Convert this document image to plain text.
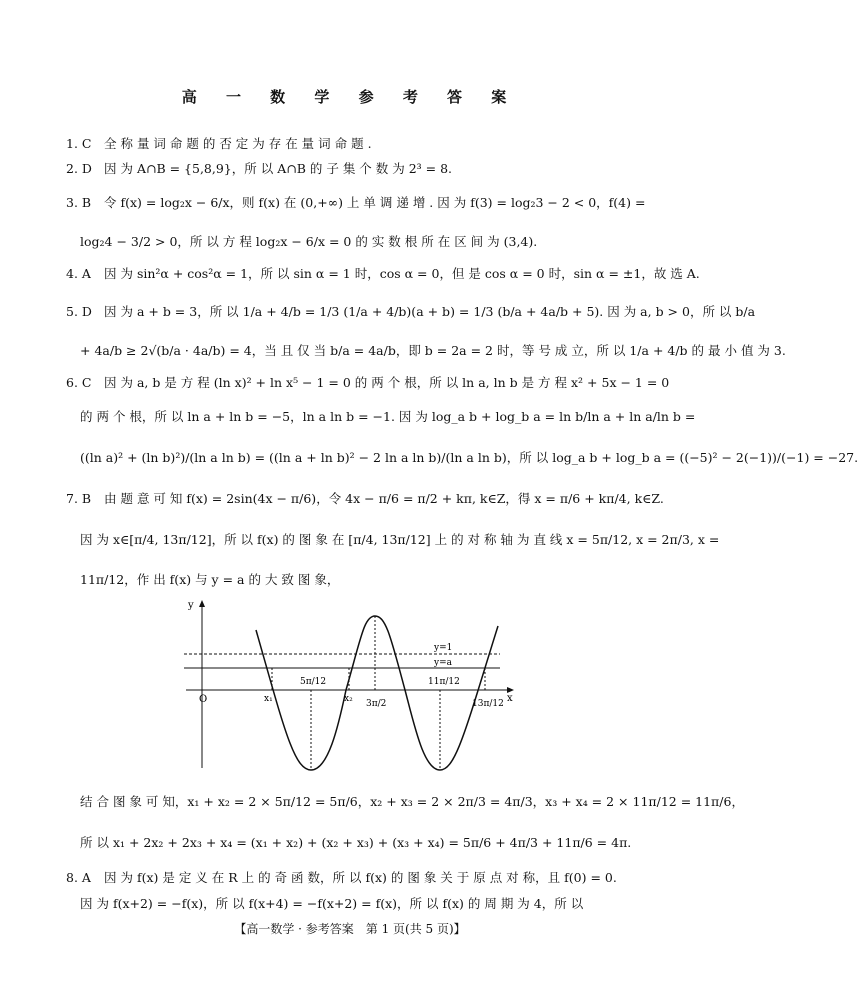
高 一 数 学 参 考 答 案
1. C 全 称 量 词 命 题 的 否 定 为 存 在 量 词 命 题 .
2. D 因 为 A∩B = {5,8,9}，所 以 A∩B 的 子 集 个 数 为 2³ = 8.
3. B 令 f(x) = log₂x − 6/x，则 f(x) 在 (0,+∞) 上 单 调 递 增 . 因 为 f(3) = log₂3 − 2 < 0，f(4) =
log₂4 − 3/2 > 0，所 以 方 程 log₂x − 6/x = 0 的 实 数 根 所 在 区 间 为 (3,4).
4. A 因 为 sin²α + cos²α = 1，所 以 sin α = 1 时，cos α = 0，但 是 cos α = 0 时，sin α = ±1，故 选 A.
5. D 因 为 a + b = 3，所 以 1/a + 4/b = 1/3 (1/a + 4/b)(a + b) = 1/3 (b/a + 4a/b + 5). 因 为 a, b > 0，所 以 b/a
+ 4a/b ≥ 2√(b/a · 4a/b) = 4，当 且 仅 当 b/a = 4a/b，即 b = 2a = 2 时，等 号 成 立，所 以 1/a + 4/b 的 最 小 值 为 3.
6. C 因 为 a, b 是 方 程 (ln x)² + ln x⁵ − 1 = 0 的 两 个 根，所 以 ln a, ln b 是 方 程 x² + 5x − 1 = 0
的 两 个 根，所 以 ln a + ln b = −5，ln a ln b = −1. 因 为 log_a b + log_b a = ln b/ln a + ln a/ln b =
((ln a)² + (ln b)²)/(ln a ln b) = ((ln a + ln b)² − 2 ln a ln b)/(ln a ln b)，所 以 log_a b + log_b a = ((−5)² − 2(−1))/(−1) = −27.
7. B 由 题 意 可 知 f(x) = 2sin(4x − π/6)，令 4x − π/6 = π/2 + kπ, k∈Z，得 x = π/6 + kπ/4, k∈Z.
因 为 x∈[π/4, 13π/12]，所 以 f(x) 的 图 象 在 [π/4, 13π/12] 上 的 对 称 轴 为 直 线 x = 5π/12, x = 2π/3, x =
11π/12，作 出 f(x) 与 y = a 的 大 致 图 象，
y
x
O
y=1
y=a
x₁
5π/12
x₂ 3π/2
11π/12
13π/12
结 合 图 象 可 知，x₁ + x₂ = 2 × 5π/12 = 5π/6，x₂ + x₃ = 2 × 2π/3 = 4π/3，x₃ + x₄ = 2 × 11π/12 = 11π/6，
所 以 x₁ + 2x₂ + 2x₃ + x₄ = (x₁ + x₂) + (x₂ + x₃) + (x₃ + x₄) = 5π/6 + 4π/3 + 11π/6 = 4π.
8. A 因 为 f(x) 是 定 义 在 R 上 的 奇 函 数，所 以 f(x) 的 图 象 关 于 原 点 对 称，且 f(0) = 0.
因 为 f(x+2) = −f(x)，所 以 f(x+4) = −f(x+2) = f(x)，所 以 f(x) 的 周 期 为 4，所 以
【高一数学 · 参考答案　第 1 页(共 5 页)】
